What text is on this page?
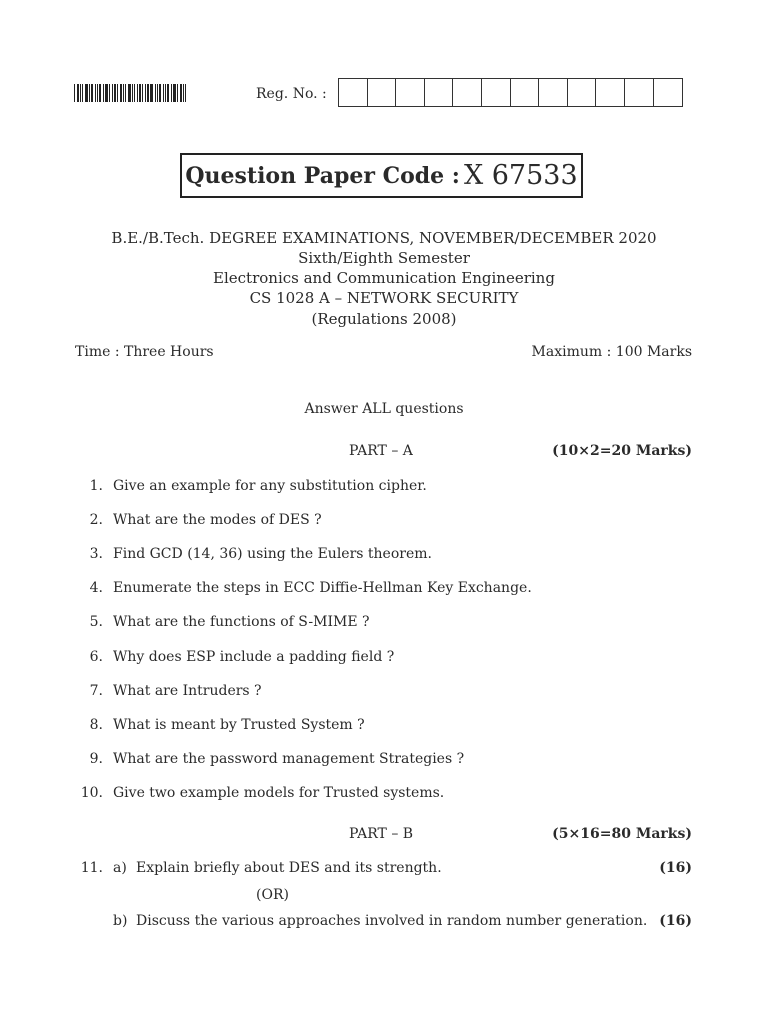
Reg. No. :
Question Paper Code : X 67533
B.E./B.Tech. DEGREE EXAMINATIONS, NOVEMBER/DECEMBER 2020
Sixth/Eighth Semester
Electronics and Communication Engineering
CS 1028 A – NETWORK SECURITY
(Regulations 2008)
Time : Three Hours	Maximum : 100 Marks
Answer ALL questions
PART – A	(10×2=20 Marks)
1. Give an example for any substitution cipher.
2. What are the modes of DES ?
3. Find GCD (14, 36) using the Eulers theorem.
4. Enumerate the steps in ECC Diffie-Hellman Key Exchange.
5. What are the functions of S-MIME ?
6. Why does ESP include a padding field ?
7. What are Intruders ?
8. What is meant by Trusted System ?
9. What are the password management Strategies ?
10. Give two example models for Trusted systems.
PART – B	(5×16=80 Marks)
11. a) Explain briefly about DES and its strength.	(16)
(OR)
b) Discuss the various approaches involved in random number generation. (16)
